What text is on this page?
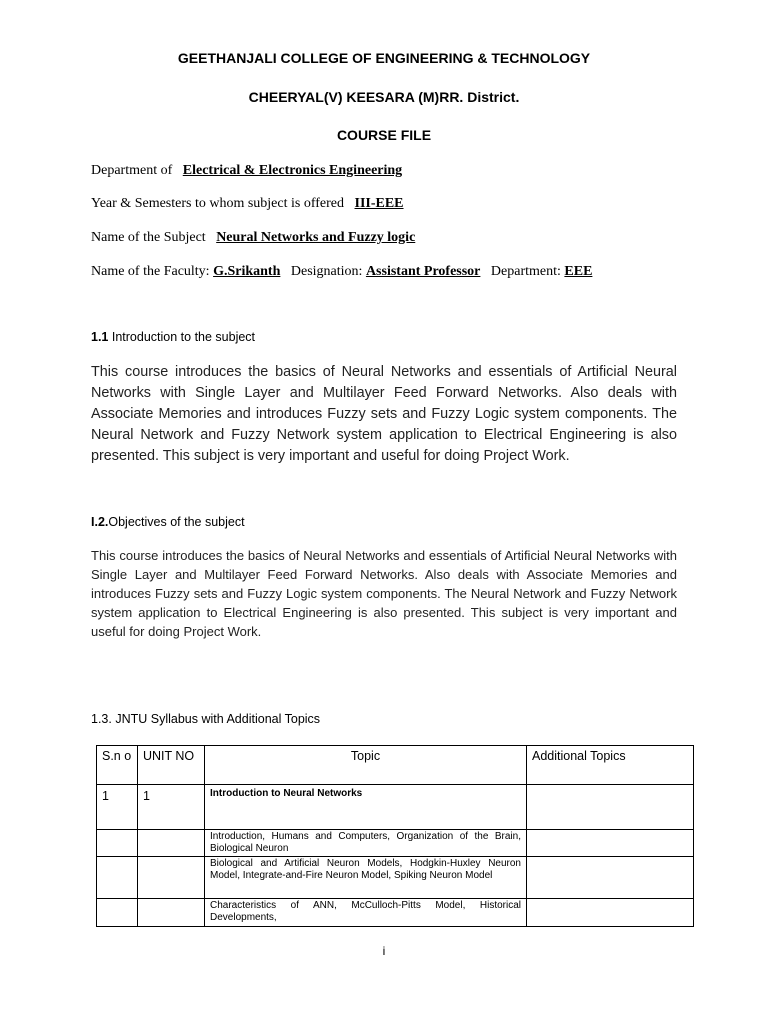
GEETHANJALI COLLEGE OF ENGINEERING & TECHNOLOGY
CHEERYAL(V) KEESARA (M)RR. District.
COURSE FILE
Department of Electrical & Electronics Engineering
Year & Semesters to whom subject is offered III-EEE
Name of the Subject Neural Networks and Fuzzy logic
Name of the Faculty: G.Srikanth Designation: Assistant Professor Department: EEE
1.1 Introduction to the subject
This course introduces the basics of Neural Networks and essentials of Artificial Neural Networks with Single Layer and Multilayer Feed Forward Networks. Also deals with Associate Memories and introduces Fuzzy sets and Fuzzy Logic system components. The Neural Network and Fuzzy Network system application to Electrical Engineering is also presented. This subject is very important and useful for doing Project Work.
I.2.Objectives of the subject
This course introduces the basics of Neural Networks and essentials of Artificial Neural Networks with Single Layer and Multilayer Feed Forward Networks. Also deals with Associate Memories and introduces Fuzzy sets and Fuzzy Logic system components. The Neural Network and Fuzzy Network system application to Electrical Engineering is also presented. This subject is very important and useful for doing Project Work.
1.3. JNTU Syllabus with Additional Topics
S.n o	UNIT NO	Topic	Additional Topics
1	1	Introduction to Neural Networks	
		Introduction, Humans and Computers, Organization of the Brain, Biological Neuron	
		Biological and Artificial Neuron Models, Hodgkin-Huxley Neuron Model, Integrate-and-Fire Neuron Model, Spiking Neuron Model	
		Characteristics of ANN, McCulloch-Pitts Model, Historical Developments,	
i
